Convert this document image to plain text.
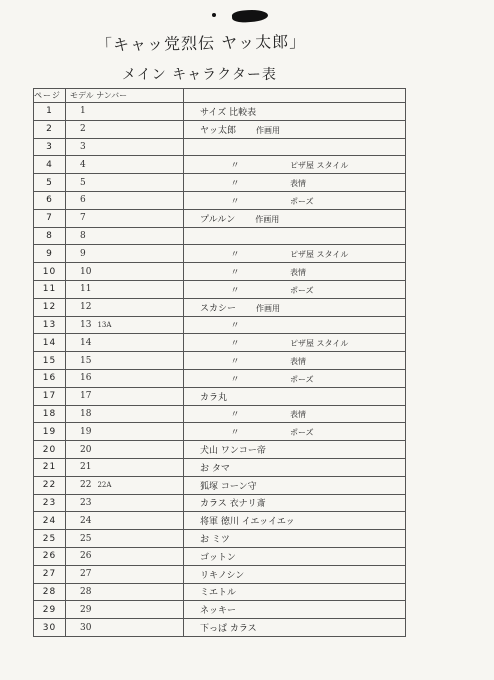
「キャッ党烈伝 ヤッ太郎」
メイン キャラクター表
ページ	モデル ナンバー	
1	1	サイズ 比較表
2	2	ヤッ太郎 作画用
3	3	
4	4	〃 ピザ屋 スタイル
5	5	〃 表情
6	6	〃 ポーズ
7	7	プルルン 作画用
8	8	
9	9	〃 ピザ屋 スタイル
10	10	〃 表情
11	11	〃 ポーズ
12	12	スカシー 作画用
13	13 13A	〃
14	14	〃 ピザ屋 スタイル
15	15	〃 表情
16	16	〃 ポーズ
17	17	カラ丸
18	18	〃 表情
19	19	〃 ポーズ
20	20	犬山 ワンコー帝
21	21	お タマ
22	22 22A	狐塚 コーン守
23	23	カラス 衣ナリ斎
24	24	将軍 徳川 イエッイエッ
25	25	お ミツ
26	26	ゴットン
27	27	リキノシン
28	28	ミエトル
29	29	ネッキー
30	30	下っぱ カラス
